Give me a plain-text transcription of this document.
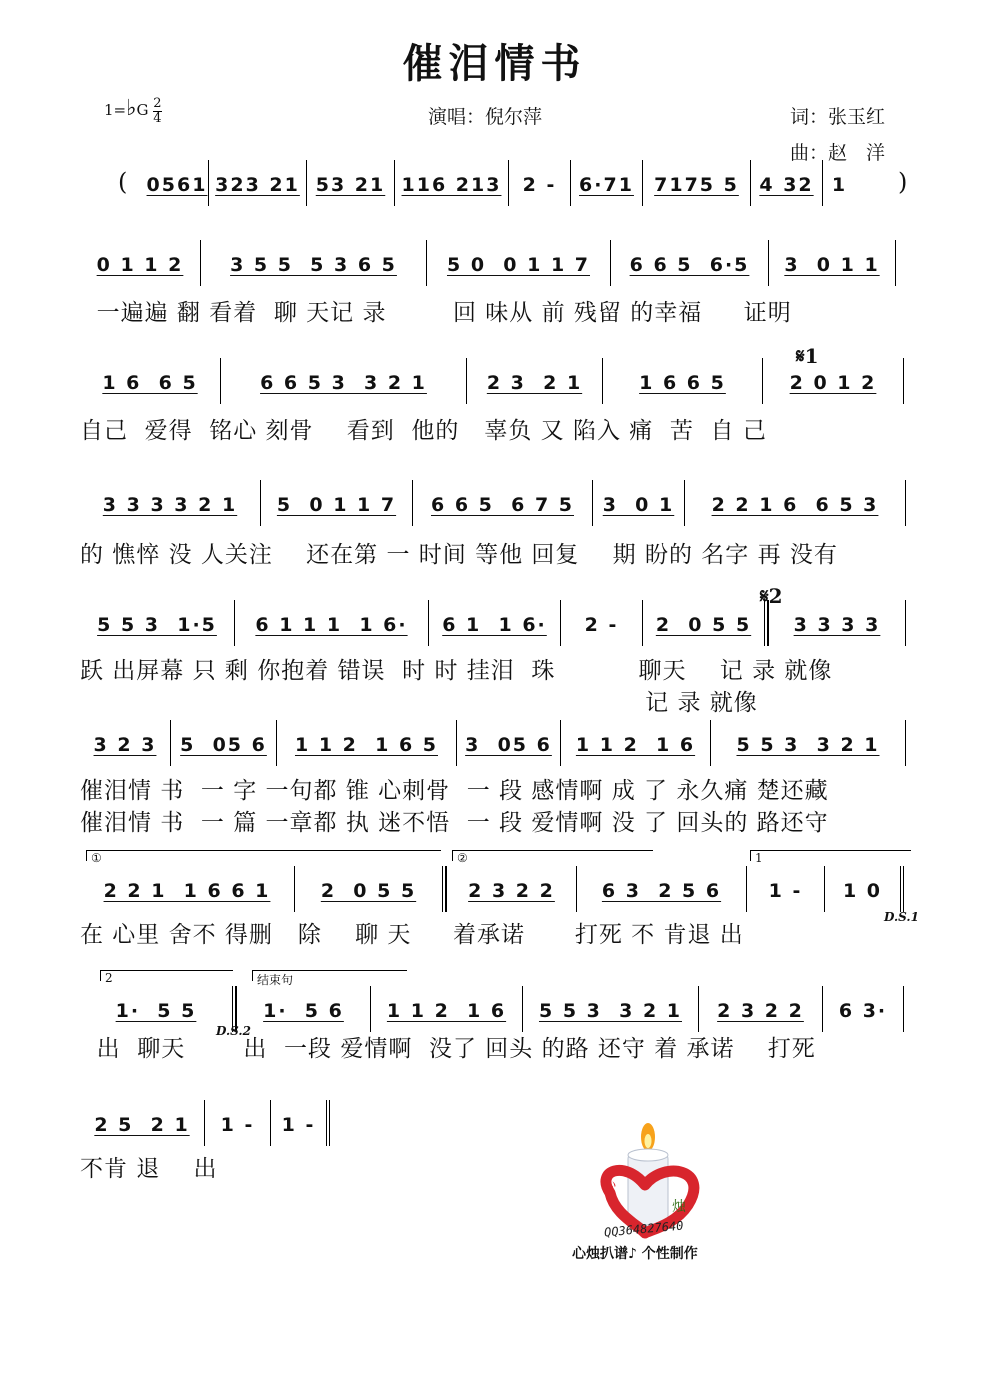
催泪情书
1=♭G $\frac{2}{4}$	演唱：倪尔萍	词：张玉红
曲：赵　洋
( 0561 323 21 53 21 116 213 2 - 6·71 7175 5 4 32 1 )
0 1 1 2 3 5 5  5 3 6 5	5 0  0 1 1 7 6 6 5  6·5 3  0 1 1
一遍遍 翻 看着  聊 天记 录        回 味从 前 残留 的幸福     证明
𝄋1
1 6  6 5	6 6 5 3  3 2 1	2 3  2 1	1 6 6 5	2 0 1 2
自己  爱得  铭心 刻骨    看到  他的   辜负 又 陷入 痛  苦  自 己
3 3 3 3 2 1 5  0 1 1 7 6 6 5  6 7 5 3  0 1 2 2 1 6  6 5 3
的 憔悴 没 人关注    还在第 一 时间 等他 回复    期 盼的 名字 再 没有
𝄋2
5 5 3  1·5 6 1 1 1  1 6· 6 1  1 6· 2 - 2  0 5 5 3 3 3 3
跃 出屏幕 只 剩 你抱着 错误  时 时 挂泪  珠          聊天    记 录 就像
记 录 就像
3 2 3 5  05 6 1 1 2  1 6 5 3  05 6 1 1 2  1 6 5 5 3  3 2 1
催泪情 书  一 字 一句都 锥 心刺骨  一 段 感情啊 成 了 永久痛 楚还藏
催泪情 书  一 篇 一章都 执 迷不悟  一 段 爱情啊 没 了 回头的 路还守
①	②	1
2 2 1  1 6 6 1	2  0 5 5	2 3 2 2 6 3  2 5 6	1 - 1 0
D.S.1
在 心里 舍不 得删   除    聊 天     着承诺      打死 不 肯退 出
2	结束句
1·  5 5	1·  5 6 1 1 2  1 6 5 5 3  3 2 1 2 3 2 2 6 3·
D.S.2
出  聊天       出  一段 爱情啊  没了 回头 的路 还守 着 承诺    打死
2 5  2 1 1 - 1 -
不肯 退    出
心
烛
QQ364827640
心烛扒谱♪ 个性制作
